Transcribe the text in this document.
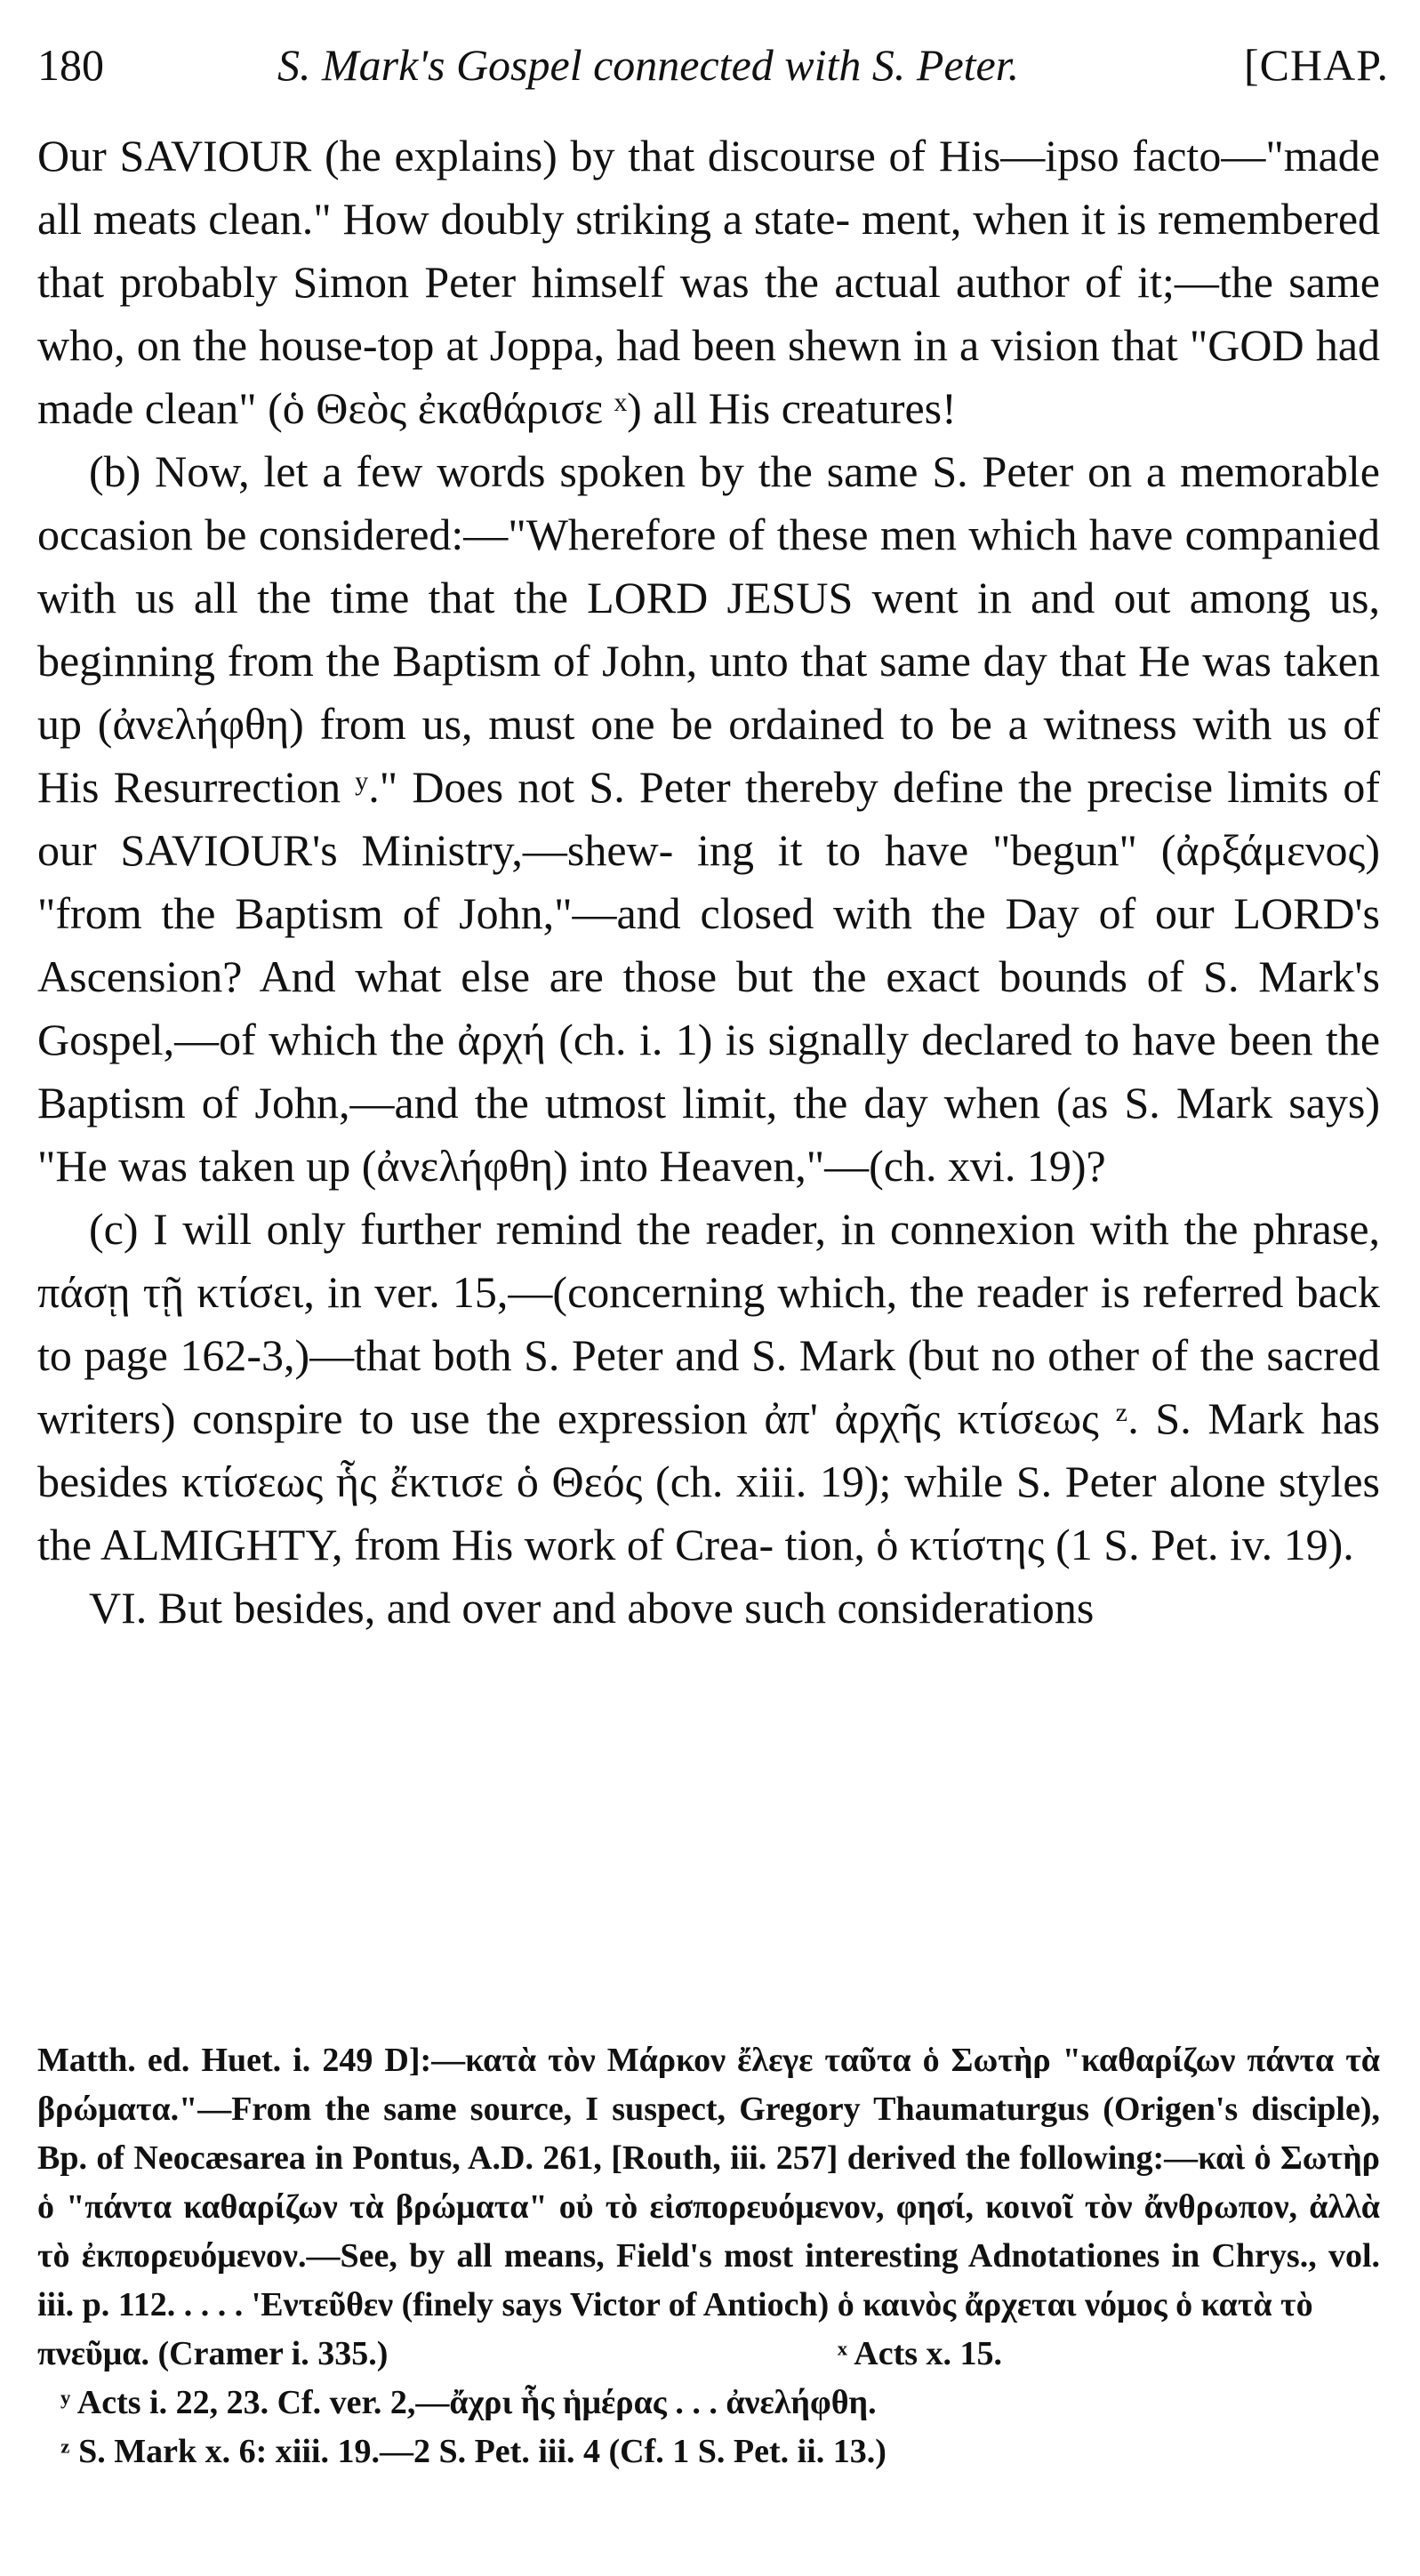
180	S. Mark's Gospel connected with S. Peter.	[CHAP.

Our SAVIOUR (he explains) by that discourse of His—ipso facto—"made all meats clean." How doubly striking a state- ment, when it is remembered that probably Simon Peter himself was the actual author of it;—the same who, on the house-top at Joppa, had been shewn in a vision that "GOD had made clean" (ὁ Θεὸς ἐκαθάρισε ˣ) all His creatures!

(b) Now, let a few words spoken by the same S. Peter on a memorable occasion be considered:—"Wherefore of these men which have companied with us all the time that the LORD JESUS went in and out among us, beginning from the Baptism of John, unto that same day that He was taken up (ἀνελήφθη) from us, must one be ordained to be a witness with us of His Resurrection ʸ." Does not S. Peter thereby define the precise limits of our SAVIOUR's Ministry,—shew- ing it to have "begun" (ἀρξάμενος) "from the Baptism of John,"—and closed with the Day of our LORD's Ascension? And what else are those but the exact bounds of S. Mark's Gospel,—of which the ἀρχή (ch. i. 1) is signally declared to have been the Baptism of John,—and the utmost limit, the day when (as S. Mark says) "He was taken up (ἀνελήφθη) into Heaven,"—(ch. xvi. 19)?

(c) I will only further remind the reader, in connexion with the phrase, πάσῃ τῇ κτίσει, in ver. 15,—(concerning which, the reader is referred back to page 162-3,)—that both S. Peter and S. Mark (but no other of the sacred writers) conspire to use the expression ἀπ' ἀρχῆς κτίσεως ᶻ. S. Mark has besides κτίσεως ἧς ἔκτισε ὁ Θεός (ch. xiii. 19); while S. Peter alone styles the ALMIGHTY, from His work of Crea- tion, ὁ κτίστης (1 S. Pet. iv. 19).

VI. But besides, and over and above such considerations

Matth. ed. Huet. i. 249 D]:—κατὰ τὸν Μάρκον ἔλεγε ταῦτα ὁ Σωτὴρ "καθαρίζων πάντα τὰ βρώματα."—From the same source, I suspect, Gregory Thaumaturgus (Origen's disciple), Bp. of Neocæsarea in Pontus, A.D. 261, [Routh, iii. 257] derived the following:—καὶ ὁ Σωτὴρ ὁ "πάντα καθαρίζων τὰ βρώματα" οὐ τὸ εἰσπορευόμενον, φησί, κοινοῖ τὸν ἄνθρωπον, ἀλλὰ τὸ ἐκπορευόμενον.—See, by all means, Field's most interesting Adnotationes in Chrys., vol. iii. p. 112. . . . . 'Εντεῦθεν (finely says Victor of Antioch) ὁ καινὸς ἄρχεται νόμος ὁ κατὰ τὸ

πνεῦμα. (Cramer i. 335.)	ˣ Acts x. 15.

ʸ Acts i. 22, 23. Cf. ver. 2,—ἄχρι ἧς ἡμέρας . . . ἀνελήφθη.

ᶻ S. Mark x. 6: xiii. 19.—2 S. Pet. iii. 4 (Cf. 1 S. Pet. ii. 13.)
